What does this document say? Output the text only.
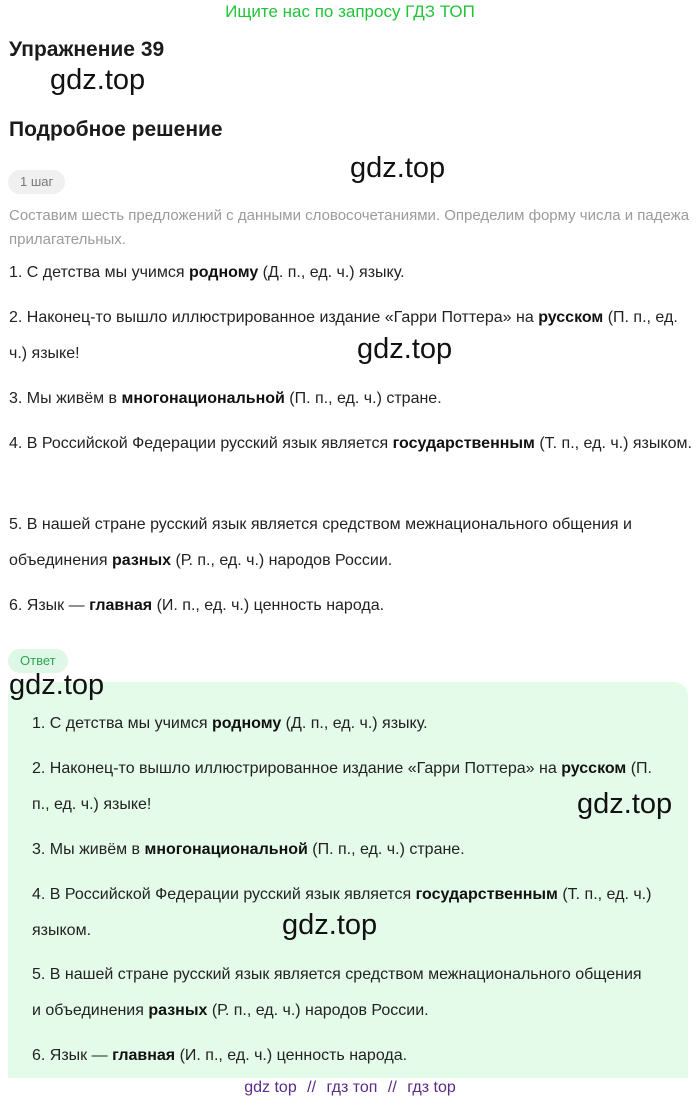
Ищите нас по запросу ГДЗ ТОП
Упражнение 39
gdz.top
Подробное решение
gdz.top
1 шаг
Составим шесть предложений с данными словосочетаниями. Определим форму числа и падежа прилагательных.
1. С детства мы учимся родному (Д. п., ед. ч.) языку.
2. Наконец-то вышло иллюстрированное издание «Гарри Поттера» на русском (П. п., ед. ч.) языке!	gdz.top
3. Мы живём в многонациональной (П. п., ед. ч.) стране.
4. В Российской Федерации русский язык является государственным (Т. п., ед. ч.) языком.
5. В нашей стране русский язык является средством межнационального общения и объединения разных (Р. п., ед. ч.) народов России.
6. Язык — главная (И. п., ед. ч.) ценность народа.
Ответ
gdz.top
1. С детства мы учимся родному (Д. п., ед. ч.) языку.
2. Наконец-то вышло иллюстрированное издание «Гарри Поттера» на русском (П. п., ед. ч.) языке!	gdz.top
3. Мы живём в многонациональной (П. п., ед. ч.) стране.
4. В Российской Федерации русский язык является государственным (Т. п., ед. ч.) языком.	gdz.top
5. В нашей стране русский язык является средством межнационального общения и объединения разных (Р. п., ед. ч.) народов России.
6. Язык — главная (И. п., ед. ч.) ценность народа.
gdz top // гдз топ // гдз top
